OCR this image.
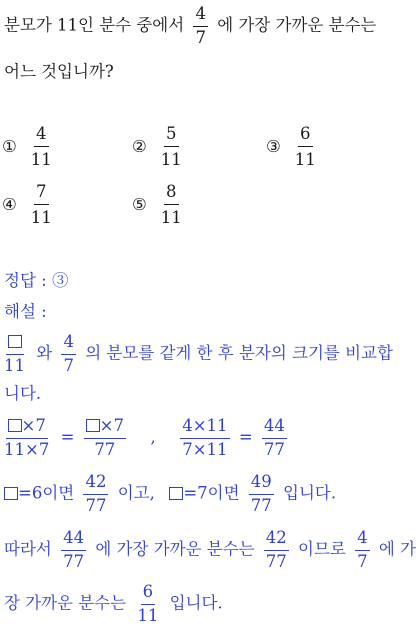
분모가 11인 분수 중에서 $\frac{4}{7}$ 에 가장 가까운 분수는
어느 것입니까?
① $\frac{4}{11}$	② $\frac{5}{11}$	③ $\frac{6}{11}$
④ $\frac{7}{11}$	⑤ $\frac{8}{11}$
정답 : ③
해설 :
11
와 $\frac{4}{7}$ 의 분모를 같게 한 후 분자의 크기를 비교합
니다.
$\frac{\times 7}{11\times 7} = \frac{\times 7}{77}$ , $\frac{4\times 11}{7\times 11} = \frac{44}{77}$
=6이면 $\frac{42}{77}$ 이고, =7이면 $\frac{49}{77}$ 입니다.
따라서 $\frac{44}{77}$ 에 가장 가까운 분수는 $\frac{42}{77}$ 이므로 $\frac{4}{7}$ 에 가
장 가까운 분수는 $\frac{6}{11}$ 입니다.
